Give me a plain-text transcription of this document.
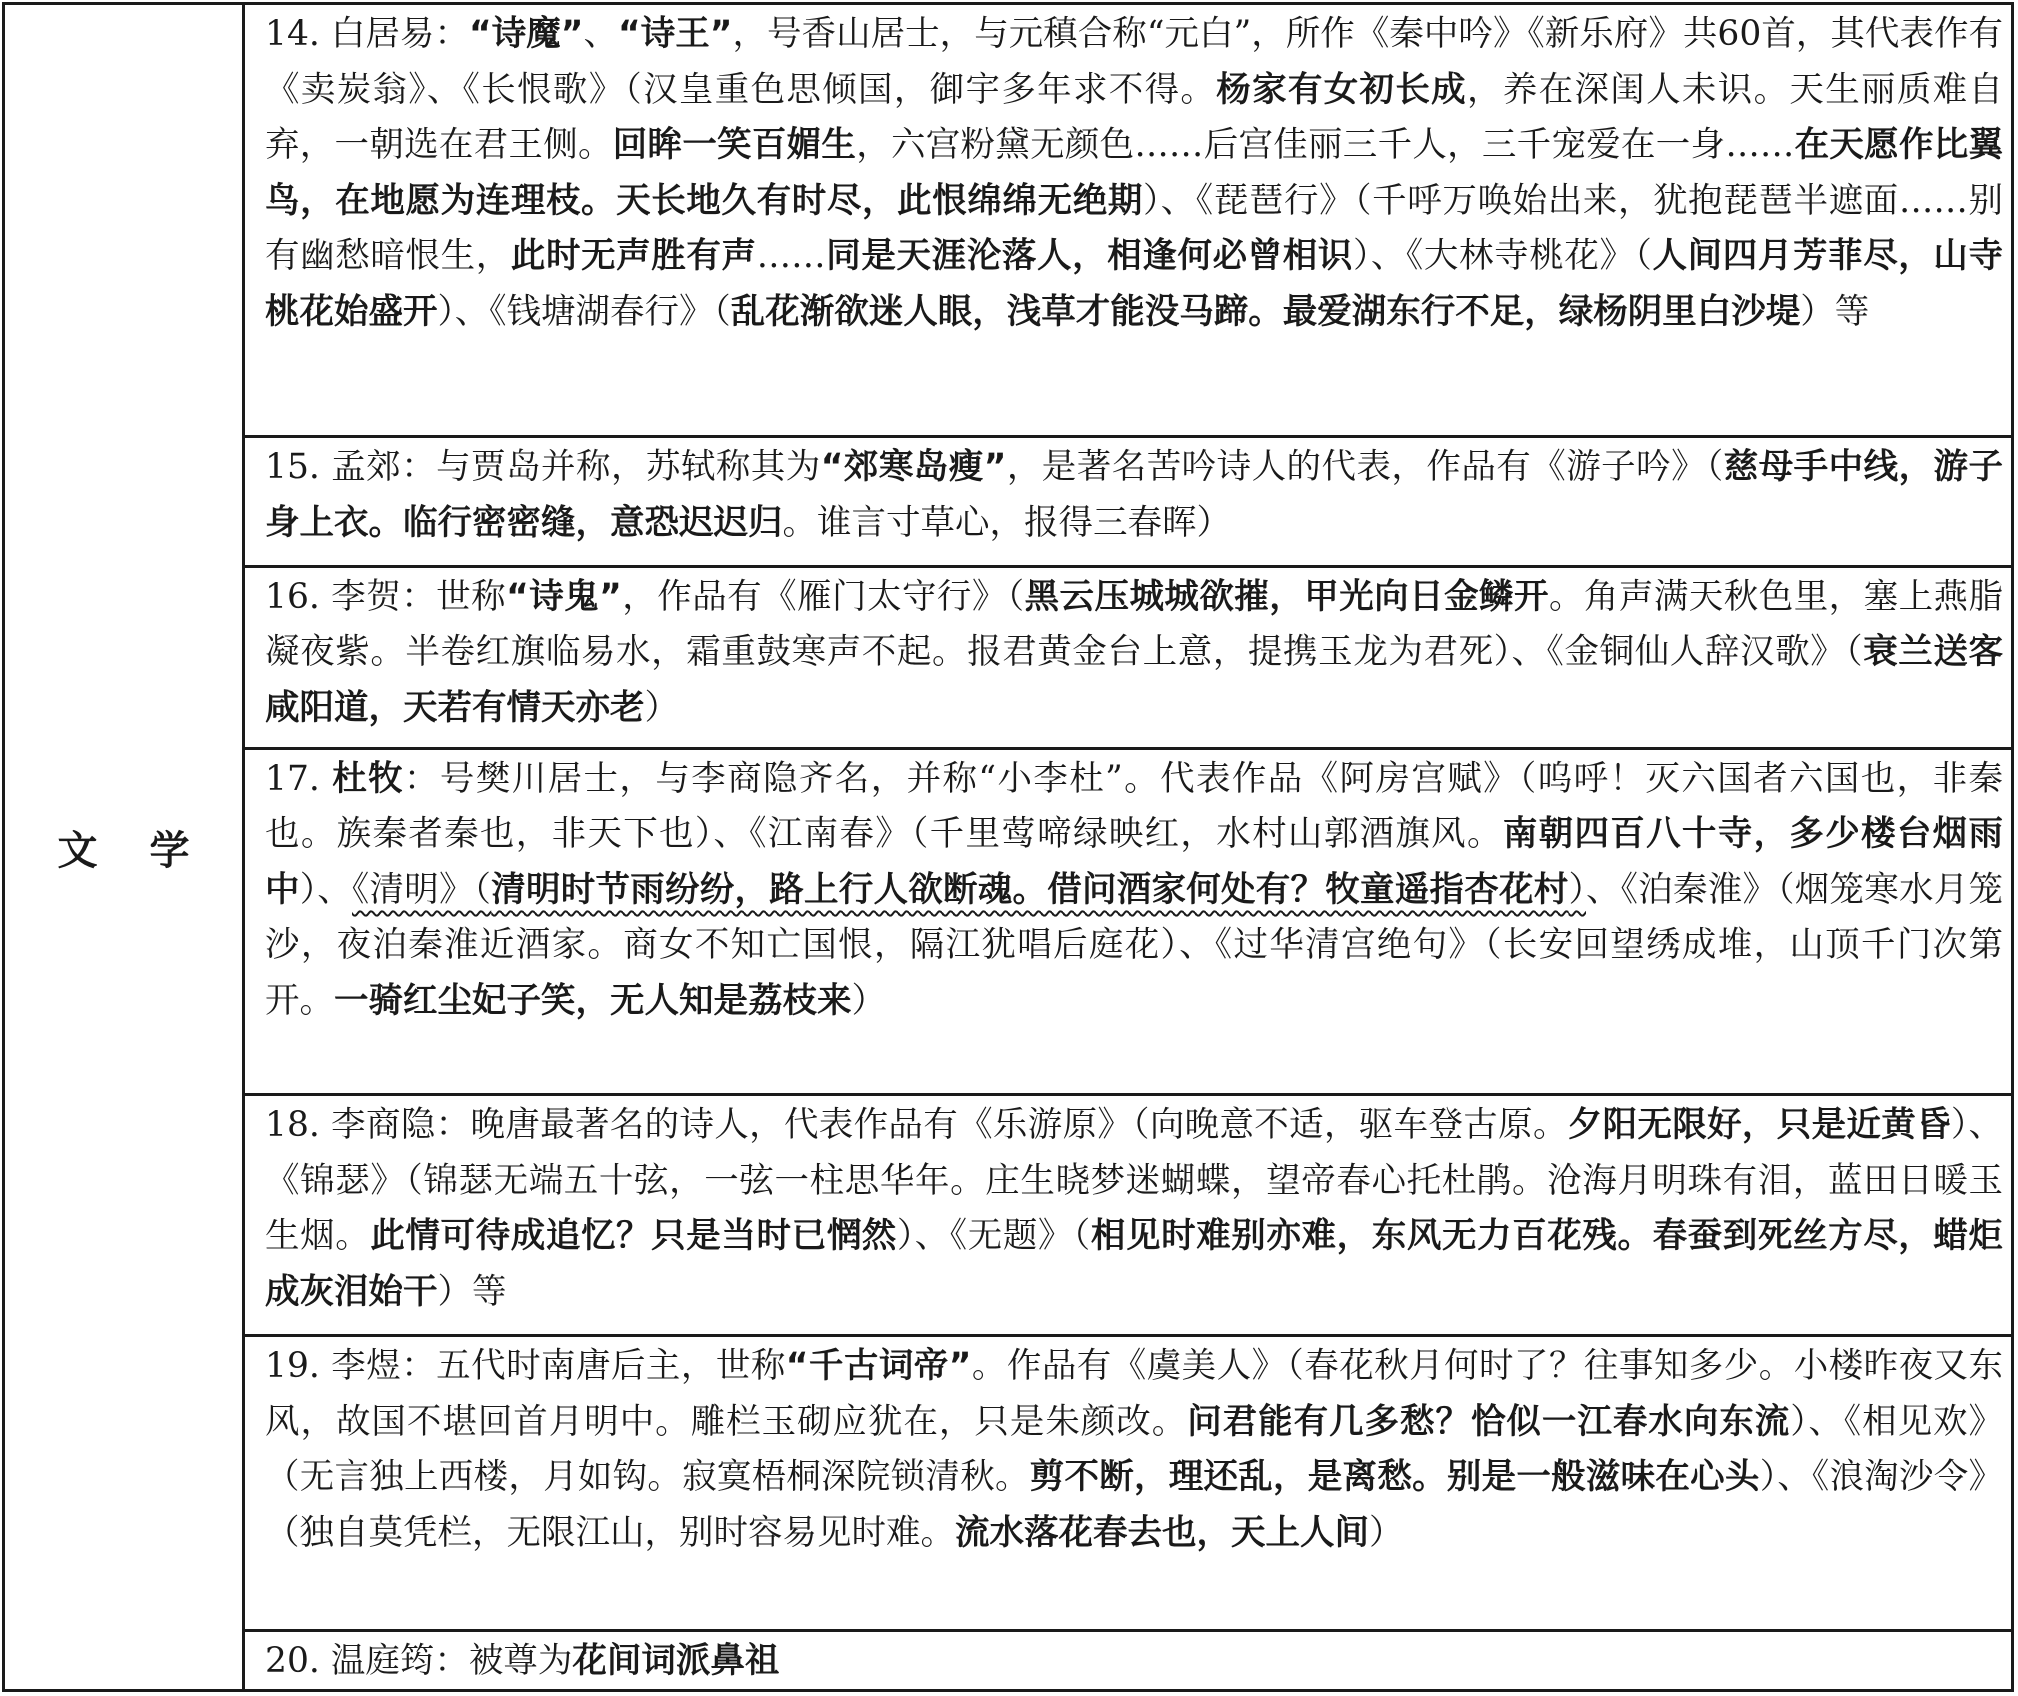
文学
14. 白居易：“诗魔”、“诗王”，号香山居士，与元稹合称“元白”，所作《秦中吟》《新乐府》共60首，其代表作有《卖炭翁》、《长恨歌》（汉皇重色思倾国，御宇多年求不得。杨家有女初长成，养在深闺人未识。天生丽质难自弃，一朝选在君王侧。回眸一笑百媚生，六宫粉黛无颜色……后宫佳丽三千人，三千宠爱在一身……在天愿作比翼鸟，在地愿为连理枝。天长地久有时尽，此恨绵绵无绝期）、《琵琶行》（千呼万唤始出来，犹抱琵琶半遮面……别有幽愁暗恨生，此时无声胜有声……同是天涯沦落人，相逢何必曾相识）、《大林寺桃花》（人间四月芳菲尽，山寺桃花始盛开）、《钱塘湖春行》（乱花渐欲迷人眼，浅草才能没马蹄。最爱湖东行不足，绿杨阴里白沙堤）等
15. 孟郊：与贾岛并称，苏轼称其为“郊寒岛瘦”，是著名苦吟诗人的代表，作品有《游子吟》（慈母手中线，游子身上衣。临行密密缝，意恐迟迟归。谁言寸草心，报得三春晖）
16. 李贺：世称“诗鬼”，作品有《雁门太守行》（黑云压城城欲摧，甲光向日金鳞开。角声满天秋色里，塞上燕脂凝夜紫。半卷红旗临易水，霜重鼓寒声不起。报君黄金台上意，提携玉龙为君死）、《金铜仙人辞汉歌》（衰兰送客咸阳道，天若有情天亦老）
17. 杜牧：号樊川居士，与李商隐齐名，并称“小李杜”。代表作品《阿房宫赋》（呜呼！灭六国者六国也，非秦也。族秦者秦也，非天下也）、《江南春》（千里莺啼绿映红，水村山郭酒旗风。南朝四百八十寺，多少楼台烟雨中）、《清明》（清明时节雨纷纷，路上行人欲断魂。借问酒家何处有？牧童遥指杏花村）、《泊秦淮》（烟笼寒水月笼沙，夜泊秦淮近酒家。商女不知亡国恨，隔江犹唱后庭花）、《过华清宫绝句》（长安回望绣成堆，山顶千门次第开。一骑红尘妃子笑，无人知是荔枝来）
18. 李商隐：晚唐最著名的诗人，代表作品有《乐游原》（向晚意不适，驱车登古原。夕阳无限好，只是近黄昏）、《锦瑟》（锦瑟无端五十弦，一弦一柱思华年。庄生晓梦迷蝴蝶，望帝春心托杜鹃。沧海月明珠有泪，蓝田日暖玉生烟。此情可待成追忆？只是当时已惘然）、《无题》（相见时难别亦难，东风无力百花残。春蚕到死丝方尽，蜡炬成灰泪始干）等
19. 李煜：五代时南唐后主，世称“千古词帝”。作品有《虞美人》（春花秋月何时了？往事知多少。小楼昨夜又东风，故国不堪回首月明中。雕栏玉砌应犹在，只是朱颜改。问君能有几多愁？恰似一江春水向东流）、《相见欢》（无言独上西楼，月如钩。寂寞梧桐深院锁清秋。剪不断，理还乱，是离愁。别是一般滋味在心头）、《浪淘沙令》（独自莫凭栏，无限江山，别时容易见时难。流水落花春去也，天上人间）
20. 温庭筠：被尊为花间词派鼻祖
